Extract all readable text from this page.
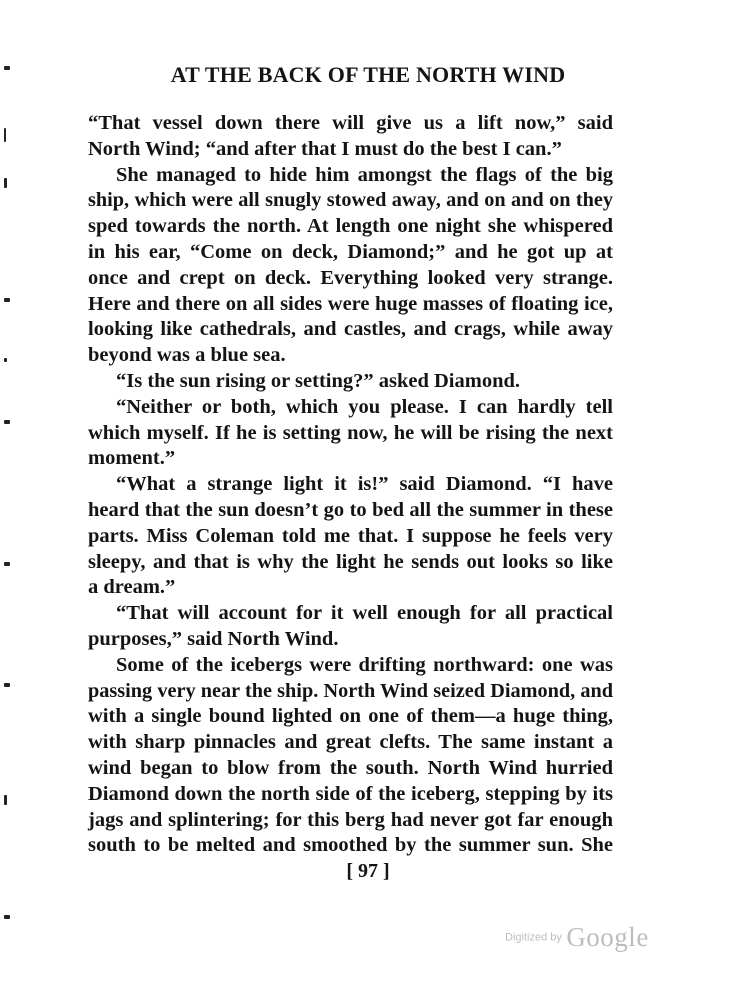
AT THE BACK OF THE NORTH WIND
“That vessel down there will give us a lift now,” said
North Wind; “and after that I must do the best I can.”
She managed to hide him amongst the flags of the big
ship, which were all snugly stowed away, and on and on they
sped towards the north. At length one night she whispered
in his ear, “Come on deck, Diamond;” and he got up at
once and crept on deck. Everything looked very strange.
Here and there on all sides were huge masses of floating ice,
looking like cathedrals, and castles, and crags, while away
beyond was a blue sea.
“Is the sun rising or setting?” asked Diamond.
“Neither or both, which you please. I can hardly tell
which myself. If he is setting now, he will be rising the next
moment.”
“What a strange light it is!” said Diamond. “I have
heard that the sun doesn’t go to bed all the summer in these
parts. Miss Coleman told me that. I suppose he feels very
sleepy, and that is why the light he sends out looks so like
a dream.”
“That will account for it well enough for all practical
purposes,” said North Wind.
Some of the icebergs were drifting northward: one was
passing very near the ship. North Wind seized Diamond, and
with a single bound lighted on one of them—a huge thing,
with sharp pinnacles and great clefts. The same instant a
wind began to blow from the south. North Wind hurried
Diamond down the north side of the iceberg, stepping by its
jags and splintering; for this berg had never got far enough
south to be melted and smoothed by the summer sun. She
[ 97 ]
Digitized by Google
